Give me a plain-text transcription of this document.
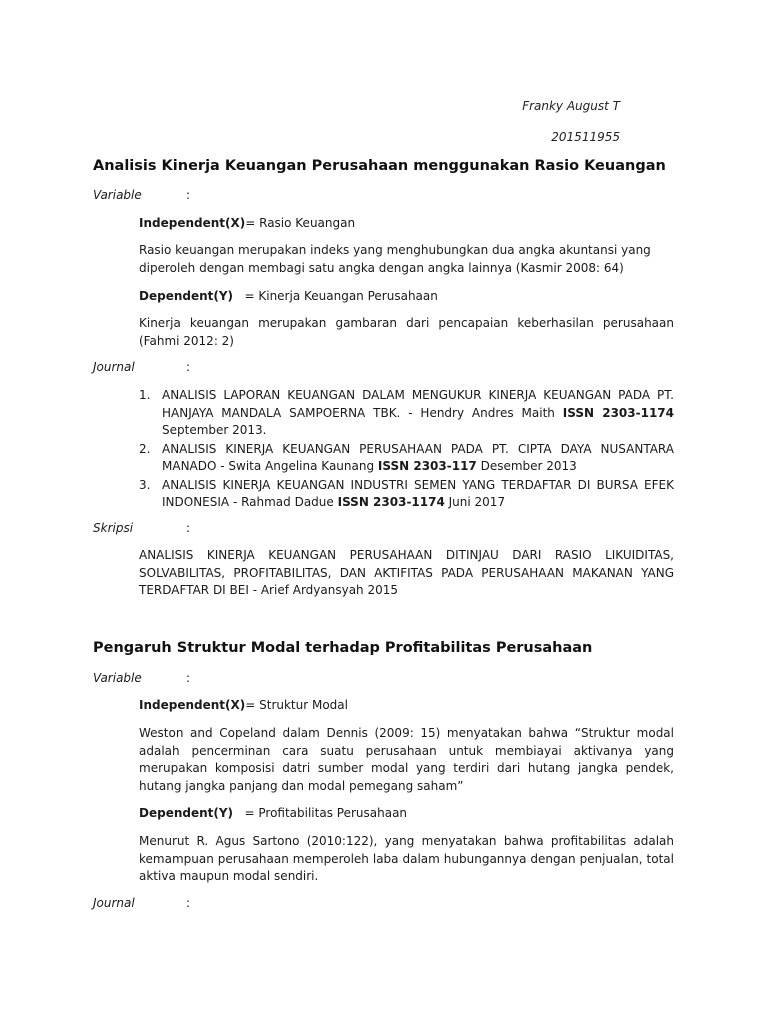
Franky August T
201511955
Analisis Kinerja Keuangan Perusahaan menggunakan Rasio Keuangan
Variable	:
Independent(X)= Rasio Keuangan
Rasio keuangan merupakan indeks yang menghubungkan dua angka akuntansi yang diperoleh dengan membagi satu angka dengan angka lainnya (Kasmir 2008: 64)
Dependent(Y) = Kinerja Keuangan Perusahaan
Kinerja keuangan merupakan gambaran dari pencapaian keberhasilan perusahaan (Fahmi 2012: 2)
Journal	:
1. ANALISIS LAPORAN KEUANGAN DALAM MENGUKUR KINERJA KEUANGAN PADA PT. HANJAYA MANDALA SAMPOERNA TBK. - Hendry Andres Maith ISSN 2303-1174 September 2013.
2. ANALISIS KINERJA KEUANGAN PERUSAHAAN PADA PT. CIPTA DAYA NUSANTARA MANADO - Swita Angelina Kaunang ISSN 2303-117 Desember 2013
3. ANALISIS KINERJA KEUANGAN INDUSTRI SEMEN YANG TERDAFTAR DI BURSA EFEK INDONESIA - Rahmad Dadue ISSN 2303-1174 Juni 2017
Skripsi	:
ANALISIS KINERJA KEUANGAN PERUSAHAAN DITINJAU DARI RASIO LIKUIDITAS, SOLVABILITAS, PROFITABILITAS, DAN AKTIFITAS PADA PERUSAHAAN MAKANAN YANG TERDAFTAR DI BEI - Arief Ardyansyah 2015
Pengaruh Struktur Modal terhadap Profitabilitas Perusahaan
Variable	:
Independent(X)= Struktur Modal
Weston and Copeland dalam Dennis (2009: 15) menyatakan bahwa “Struktur modal adalah pencerminan cara suatu perusahaan untuk membiayai aktivanya yang merupakan komposisi datri sumber modal yang terdiri dari hutang jangka pendek, hutang jangka panjang dan modal pemegang saham”
Dependent(Y) = Profitabilitas Perusahaan
Menurut R. Agus Sartono (2010:122), yang menyatakan bahwa profitabilitas adalah kemampuan perusahaan memperoleh laba dalam hubungannya dengan penjualan, total aktiva maupun modal sendiri.
Journal	:
